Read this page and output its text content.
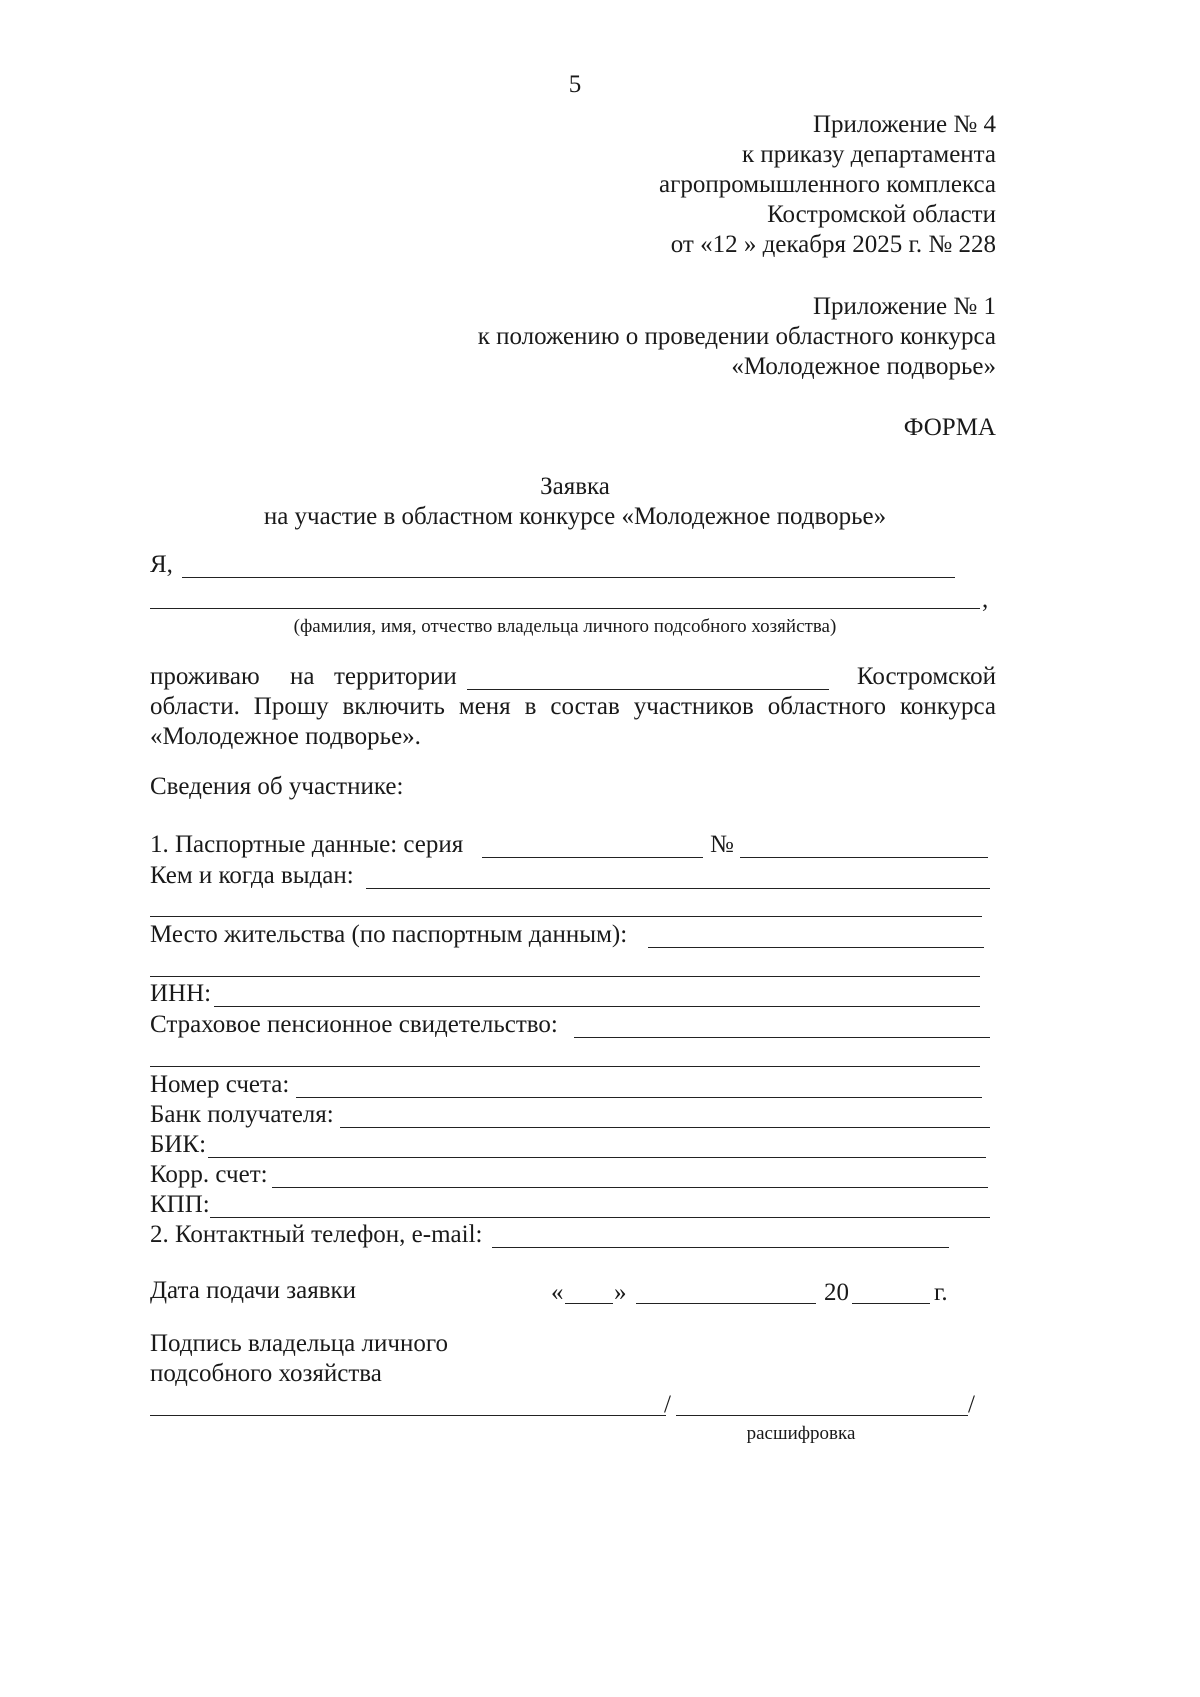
5
Приложение № 4
к приказу департамента
агропромышленного комплекса
Костромской области
от «12 » декабря 2025 г. № 228
Приложение № 1
к положению о проведении областного конкурса
«Молодежное подворье»
ФОРМА
Заявка
на участие в областном конкурсе «Молодежное подворье»
Я,
,
(фамилия, имя, отчество владельца личного подсобного хозяйства)
проживаю на территории	Костромской
области. Прошу включить меня в состав участников областного конкурса
«Молодежное подворье».
Сведения об участнике:
1. Паспортные данные: серия	№
Кем и когда выдан:
Место жительства (по паспортным данным):
ИНН:
Страховое пенсионное свидетельство:
Номер счета:
Банк получателя:
БИК:
Корр. счет:
КПП:
2. Контактный телефон, e-mail:
Дата подачи заявки	« »	20	г.
Подпись владельца личного
подсобного хозяйства
/	/
расшифровка
